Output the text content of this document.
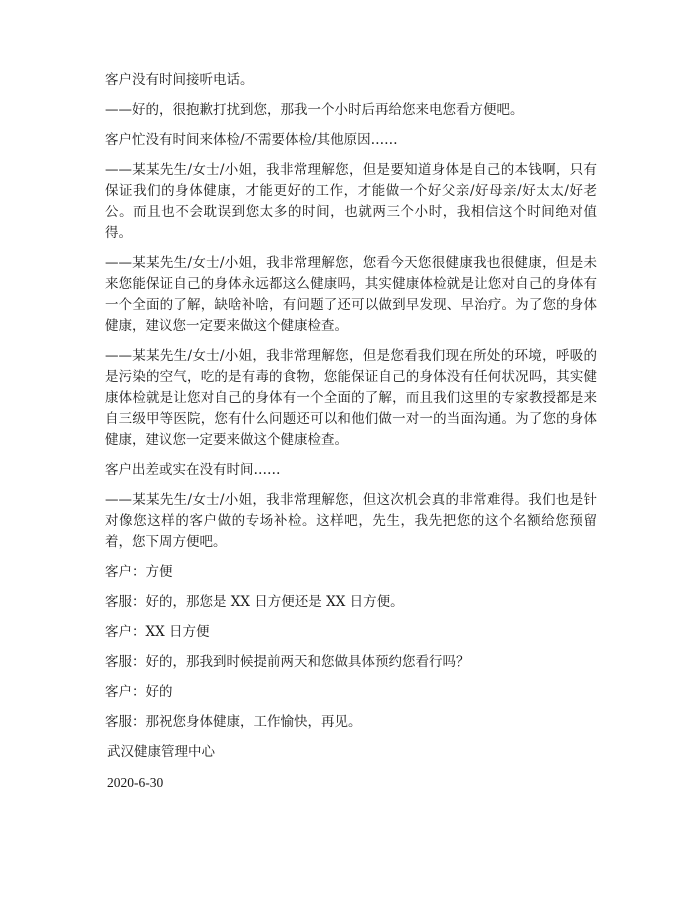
客户没有时间接听电话。

——好的，很抱歉打扰到您，那我一个小时后再给您来电您看方便吧。

客户忙没有时间来体检/不需要体检/其他原因……

——某某先生/女士/小姐，我非常理解您，但是要知道身体是自己的本钱啊，只有保证我们的身体健康，才能更好的工作，才能做一个好父亲/好母亲/好太太/好老公。而且也不会耽误到您太多的时间，也就两三个小时，我相信这个时间绝对值得。

——某某先生/女士/小姐，我非常理解您，您看今天您很健康我也很健康，但是未来您能保证自己的身体永远都这么健康吗，其实健康体检就是让您对自己的身体有一个全面的了解，缺啥补啥，有问题了还可以做到早发现、早治疗。为了您的身体健康，建议您一定要来做这个健康检查。

——某某先生/女士/小姐，我非常理解您，但是您看我们现在所处的环境，呼吸的是污染的空气，吃的是有毒的食物，您能保证自己的身体没有任何状况吗，其实健康体检就是让您对自己的身体有一个全面的了解，而且我们这里的专家教授都是来自三级甲等医院，您有什么问题还可以和他们做一对一的当面沟通。为了您的身体健康，建议您一定要来做这个健康检查。

客户出差或实在没有时间……

——某某先生/女士/小姐，我非常理解您，但这次机会真的非常难得。我们也是针对像您这样的客户做的专场补检。这样吧，先生，我先把您的这个名额给您预留着，您下周方便吧。

客户：方便

客服：好的，那您是 XX 日方便还是 XX 日方便。

客户：XX 日方便

客服：好的，那我到时候提前两天和您做具体预约您看行吗？

客户：好的

客服：那祝您身体健康，工作愉快，再见。

武汉健康管理中心

2020-6-30
